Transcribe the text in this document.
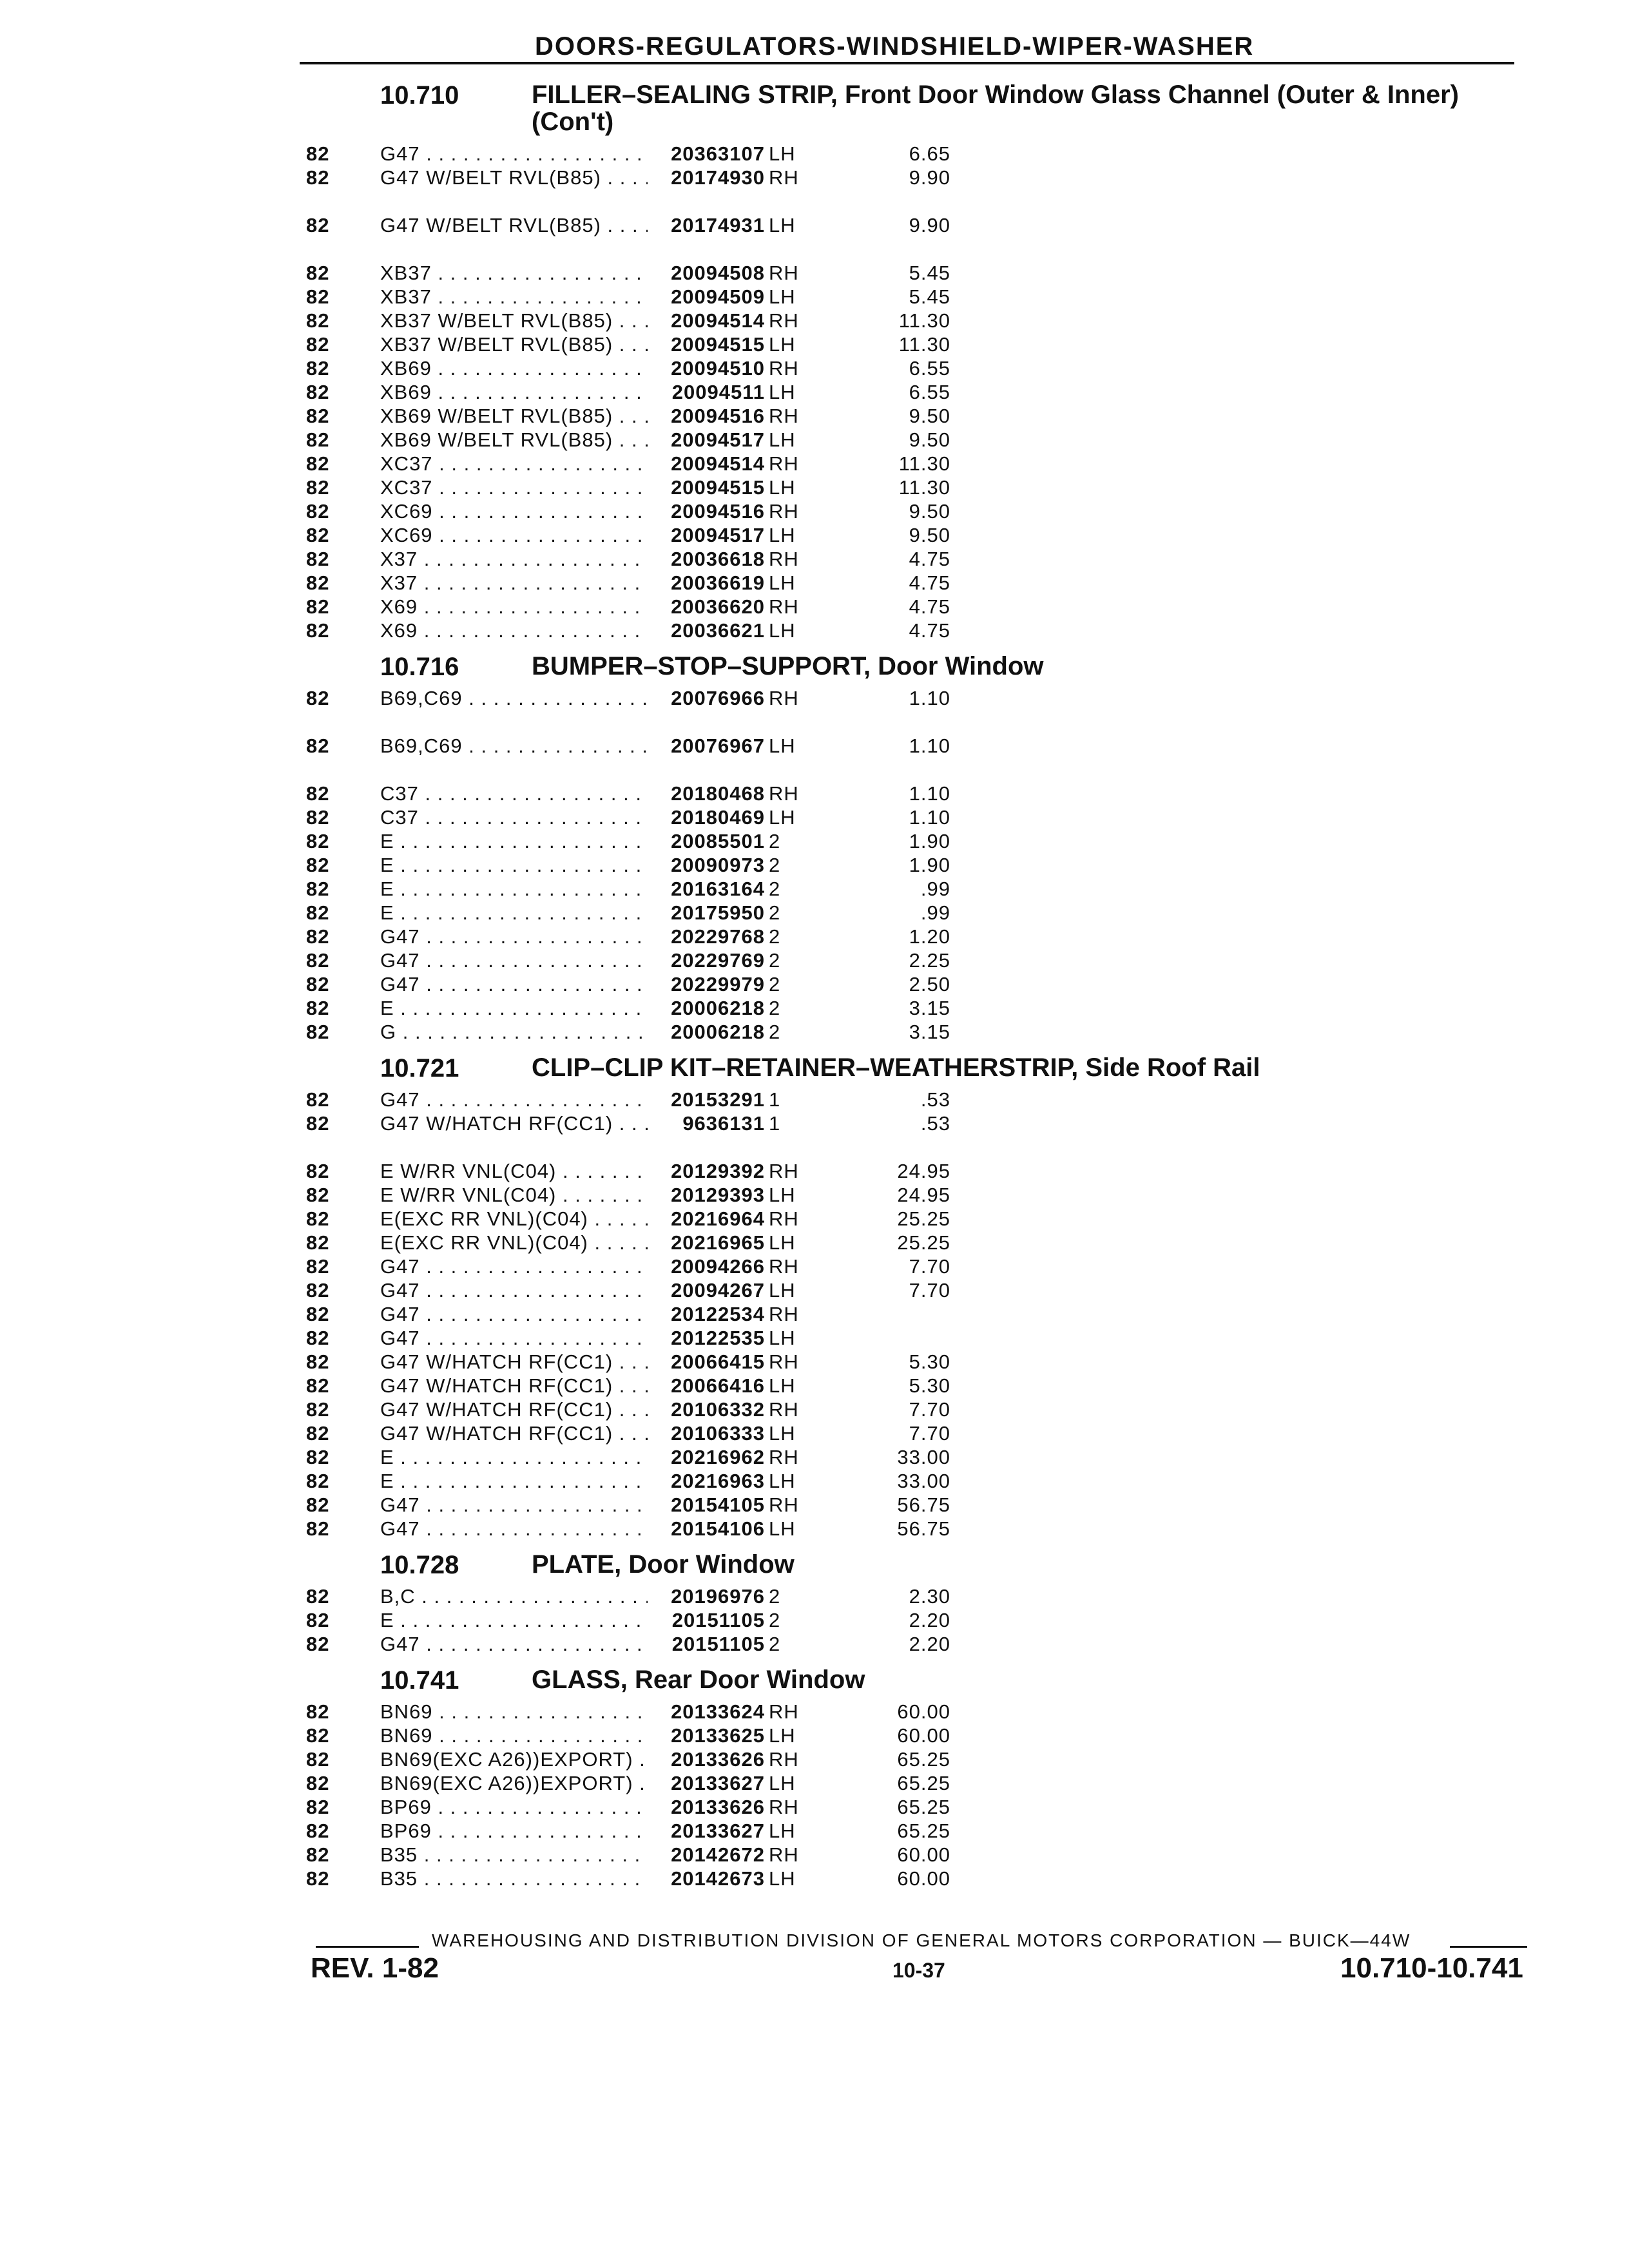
DOORS-REGULATORS-WINDSHIELD-WIPER-WASHER
10.710	FILLER–SEALING STRIP, Front Door Window Glass Channel (Outer & Inner) (Con't)
82	G47 . . .	20363107 LH	6.65
82	G47 W/BELT RVL(B85) . . .	20174930 RH	9.90
82	G47 W/BELT RVL(B85) . . .	20174931 LH	9.90
82	XB37 . . .	20094508 RH	5.45
82	XB37 . . .	20094509 LH	5.45
82	XB37 W/BELT RVL(B85) . . .	20094514 RH	11.30
82	XB37 W/BELT RVL(B85) . . .	20094515 LH	11.30
82	XB69 . . .	20094510 RH	6.55
82	XB69 . . .	20094511 LH	6.55
82	XB69 W/BELT RVL(B85) . . .	20094516 RH	9.50
82	XB69 W/BELT RVL(B85) . . .	20094517 LH	9.50
82	XC37 . . .	20094514 RH	11.30
82	XC37 . . .	20094515 LH	11.30
82	XC69 . . .	20094516 RH	9.50
82	XC69 . . .	20094517 LH	9.50
82	X37 . . .	20036618 RH	4.75
82	X37 . . .	20036619 LH	4.75
82	X69 . . .	20036620 RH	4.75
82	X69 . . .	20036621 LH	4.75
10.716	BUMPER–STOP–SUPPORT, Door Window
82	B69,C69 . . .	20076966 RH	1.10
82	B69,C69 . . .	20076967 LH	1.10
82	C37 . . .	20180468 RH	1.10
82	C37 . . .	20180469 LH	1.10
82	E . . .	20085501 2	1.90
82	E . . .	20090973 2	1.90
82	E . . .	20163164 2	.99
82	E . . .	20175950 2	.99
82	G47 . . .	20229768 2	1.20
82	G47 . . .	20229769 2	2.25
82	G47 . . .	20229979 2	2.50
82	E . . .	20006218 2	3.15
82	G . . .	20006218 2	3.15
10.721	CLIP–CLIP KIT–RETAINER–WEATHERSTRIP, Side Roof Rail
82	G47 . . .	20153291 1	.53
82	G47 W/HATCH RF(CC1) . . .	9636131 1	.53
82	E W/RR VNL(C04) . . .	20129392 RH	24.95
82	E W/RR VNL(C04) . . .	20129393 LH	24.95
82	E(EXC RR VNL)(C04) . . .	20216964 RH	25.25
82	E(EXC RR VNL)(C04) . . .	20216965 LH	25.25
82	G47 . . .	20094266 RH	7.70
82	G47 . . .	20094267 LH	7.70
82	G47 . . .	20122534 RH
82	G47 . . .	20122535 LH
82	G47 W/HATCH RF(CC1) . . .	20066415 RH	5.30
82	G47 W/HATCH RF(CC1) . . .	20066416 LH	5.30
82	G47 W/HATCH RF(CC1) . . .	20106332 RH	7.70
82	G47 W/HATCH RF(CC1) . . .	20106333 LH	7.70
82	E . . .	20216962 RH	33.00
82	E . . .	20216963 LH	33.00
82	G47 . . .	20154105 RH	56.75
82	G47 . . .	20154106 LH	56.75
10.728	PLATE, Door Window
82	B,C . . .	20196976 2	2.30
82	E . . .	20151105 2	2.20
82	G47 . . .	20151105 2	2.20
10.741	GLASS, Rear Door Window
82	BN69 . . .	20133624 RH	60.00
82	BN69 . . .	20133625 LH	60.00
82	BN69(EXC A26))EXPORT) . . .	20133626 RH	65.25
82	BN69(EXC A26))EXPORT) . . .	20133627 LH	65.25
82	BP69 . . .	20133626 RH	65.25
82	BP69 . . .	20133627 LH	65.25
82	B35 . . .	20142672 RH	60.00
82	B35 . . .	20142673 LH	60.00
WAREHOUSING AND DISTRIBUTION DIVISION OF GENERAL MOTORS CORPORATION — BUICK—44W
REV. 1-82	10-37	10.710-10.741
